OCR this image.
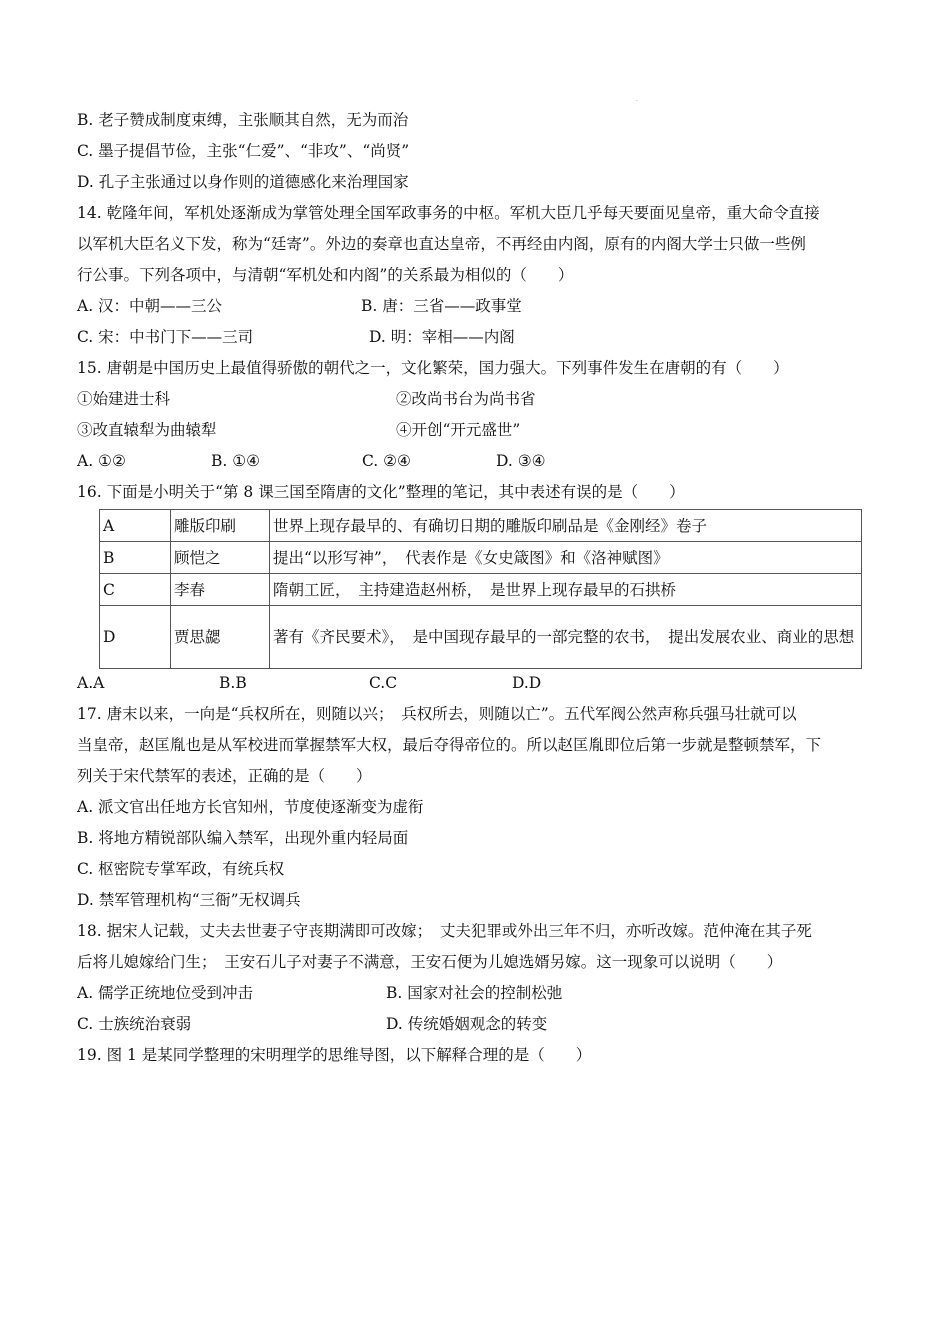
·
B. 老子赞成制度束缚，主张顺其自然，无为而治
C. 墨子提倡节俭，主张“仁爱”、“非攻”、“尚贤”
D. 孔子主张通过以身作则的道德感化来治理国家
14. 乾隆年间，军机处逐渐成为掌管处理全国军政事务的中枢。军机大臣几乎每天要面见皇帝，重大命令直接
以军机大臣名义下发，称为“廷寄”。外边的奏章也直达皇帝，不再经由内阁，原有的内阁大学士只做一些例
行公事。下列各项中，与清朝“军机处和内阁”的关系最为相似的（　　）
A. 汉：中朝——三公	B. 唐：三省——政事堂
C. 宋：中书门下——三司	D. 明：宰相——内阁
15. 唐朝是中国历史上最值得骄傲的朝代之一，文化繁荣，国力强大。下列事件发生在唐朝的有（　　）
①始建进士科	②改尚书台为尚书省
③改直辕犁为曲辕犁	④开创“开元盛世”
A. ①②	B. ①④	C. ②④	D. ③④
16. 下面是小明关于“第 8 课三国至隋唐的文化”整理的笔记，其中表述有误的是（　　）
A	雕版印刷	世界上现存最早的、有确切日期的雕版印刷品是《金刚经》卷子
B	顾恺之	提出“以形写神”，　代表作是《女史箴图》和《洛神赋图》
C	李春	隋朝工匠，　主持建造赵州桥，　是世界上现存最早的石拱桥
D	贾思勰	著有《齐民要术》，　是中国现存最早的一部完整的农书，　提出发展农业、商业的思想
A.A	B.B	C.C	D.D
17. 唐末以来，一向是“兵权所在，则随以兴；　兵权所去，则随以亡”。五代军阀公然声称兵强马壮就可以
当皇帝，赵匡胤也是从军校进而掌握禁军大权，最后夺得帝位的。所以赵匡胤即位后第一步就是整顿禁军，下
列关于宋代禁军的表述，正确的是（　　）
A. 派文官出任地方长官知州，节度使逐渐变为虚衔
B. 将地方精锐部队编入禁军，出现外重内轻局面
C. 枢密院专掌军政，有统兵权
D. 禁军管理机构“三衙”无权调兵
18. 据宋人记载，丈夫去世妻子守丧期满即可改嫁；　丈夫犯罪或外出三年不归，亦听改嫁。范仲淹在其子死
后将儿媳嫁给门生；　王安石儿子对妻子不满意，王安石便为儿媳选婿另嫁。这一现象可以说明（　　）
A. 儒学正统地位受到冲击	B. 国家对社会的控制松弛
C. 士族统治衰弱	D. 传统婚姻观念的转变
19. 图 1 是某同学整理的宋明理学的思维导图，以下解释合理的是（　　）
